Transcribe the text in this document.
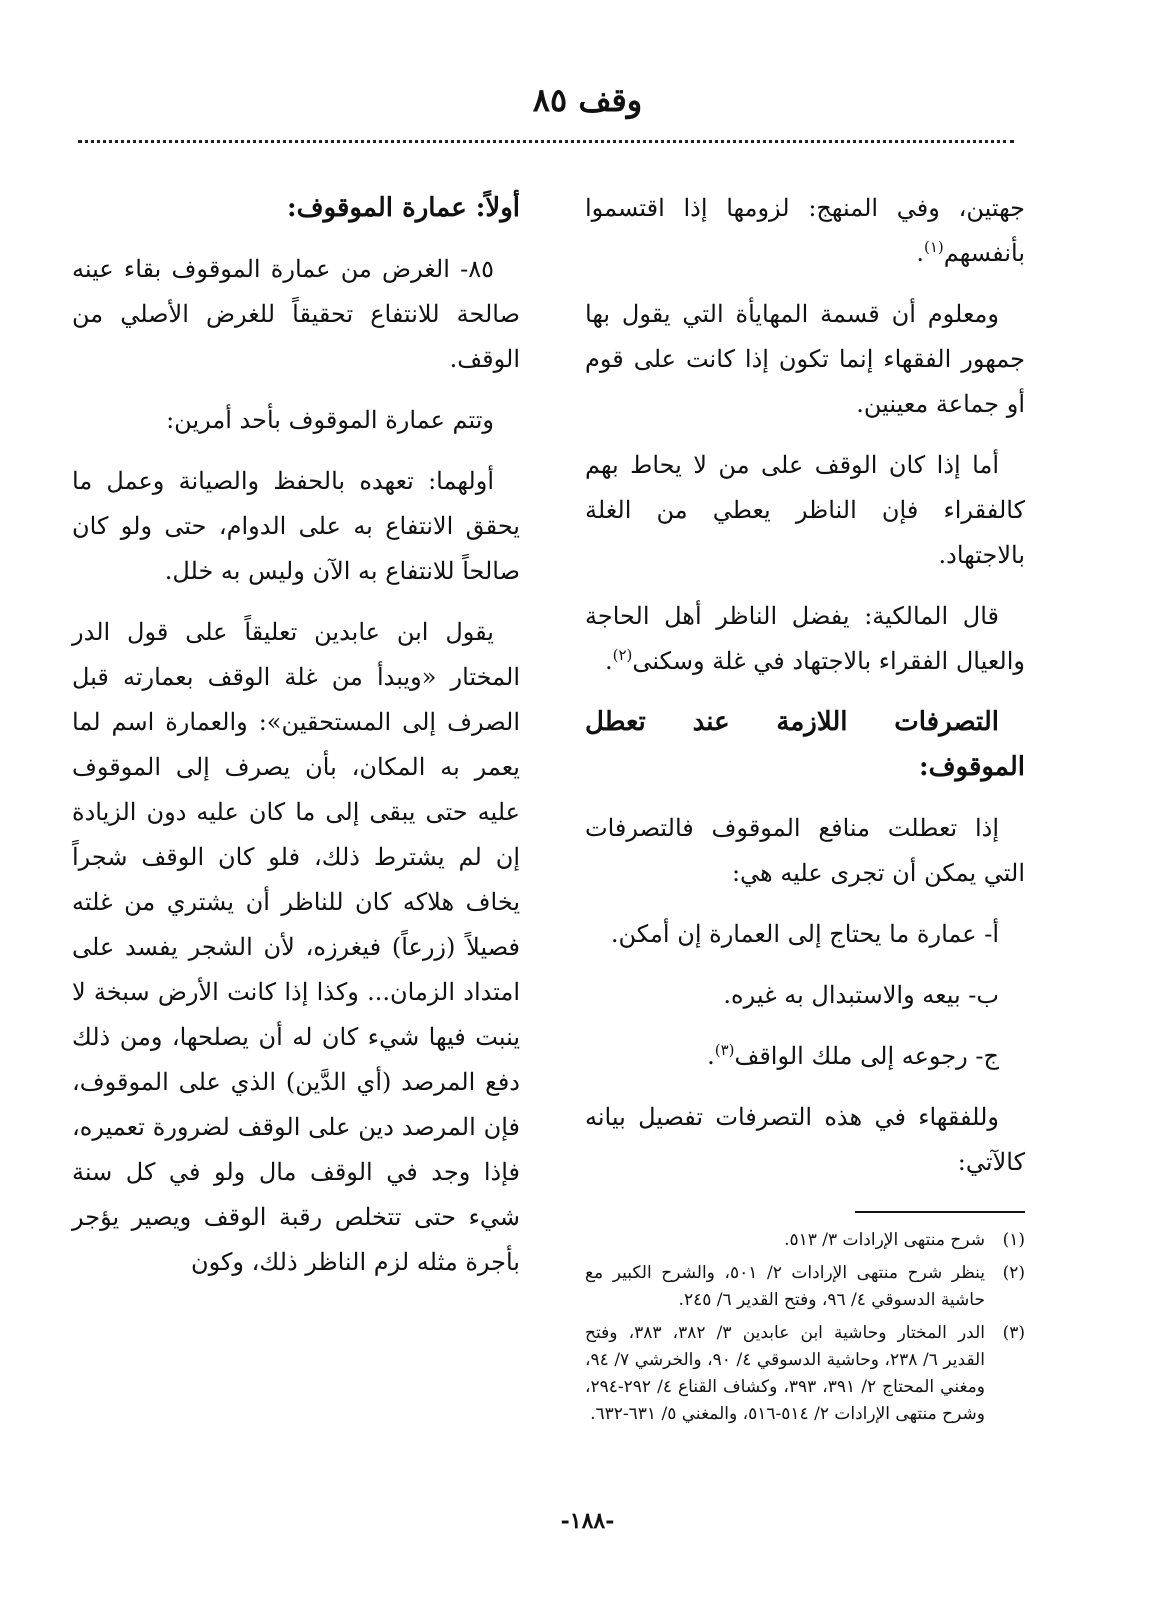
وقف ٨٥

جهتين، وفي المنهج: لزومها إذا اقتسموا بأنفسهم$^{(١)}$.

ومعلوم أن قسمة المهايأة التي يقول بها جمهور الفقهاء إنما تكون إذا كانت على قوم أو جماعة معينين.

أما إذا كان الوقف على من لا يحاط بهم كالفقراء فإن الناظر يعطي من الغلة بالاجتهاد.

قال المالكية: يفضل الناظر أهل الحاجة والعيال الفقراء بالاجتهاد في غلة وسكنى$^{(٢)}$.

التصرفات اللازمة عند تعطل الموقوف:

إذا تعطلت منافع الموقوف فالتصرفات التي يمكن أن تجرى عليه هي:

أ- عمارة ما يحتاج إلى العمارة إن أمكن.

ب- بيعه والاستبدال به غيره.

ج- رجوعه إلى ملك الواقف$^{(٣)}$.

وللفقهاء في هذه التصرفات تفصيل بيانه كالآتي:

(١)
شرح منتهى الإرادات ٣/ ٥١٣.
(٢)
ينظر شرح منتهى الإرادات ٢/ ٥٠١، والشرح الكبير مع حاشية الدسوقي ٤/ ٩٦، وفتح القدير ٦/ ٢٤٥.
(٣)
الدر المختار وحاشية ابن عابدين ٣/ ٣٨٢، ٣٨٣، وفتح القدير ٦/ ٢٣٨، وحاشية الدسوقي ٤/ ٩٠، والخرشي ٧/ ٩٤، ومغني المحتاج ٢/ ٣٩١، ٣٩٣، وكشاف القناع ٤/ ٢٩٢-٢٩٤، وشرح منتهى الإرادات ٢/ ٥١٤-٥١٦، والمغني ٥/ ٦٣١-٦٣٢.

أولاً: عمارة الموقوف:

٨٥- الغرض من عمارة الموقوف بقاء عينه صالحة للانتفاع تحقيقاً للغرض الأصلي من الوقف.

وتتم عمارة الموقوف بأحد أمرين:

أولهما: تعهده بالحفظ والصيانة وعمل ما يحقق الانتفاع به على الدوام، حتى ولو كان صالحاً للانتفاع به الآن وليس به خلل.

يقول ابن عابدين تعليقاً على قول الدر المختار «ويبدأ من غلة الوقف بعمارته قبل الصرف إلى المستحقين»: والعمارة اسم لما يعمر به المكان، بأن يصرف إلى الموقوف عليه حتى يبقى إلى ما كان عليه دون الزيادة إن لم يشترط ذلك، فلو كان الوقف شجراً يخاف هلاكه كان للناظر أن يشتري من غلته فصيلاً (زرعاً) فيغرزه، لأن الشجر يفسد على امتداد الزمان... وكذا إذا كانت الأرض سبخة لا ينبت فيها شيء كان له أن يصلحها، ومن ذلك دفع المرصد (أي الدَّين) الذي على الموقوف، فإن المرصد دين على الوقف لضرورة تعميره، فإذا وجد في الوقف مال ولو في كل سنة شيء حتى تتخلص رقبة الوقف ويصير يؤجر بأجرة مثله لزم الناظر ذلك، وكون

-١٨٨-
